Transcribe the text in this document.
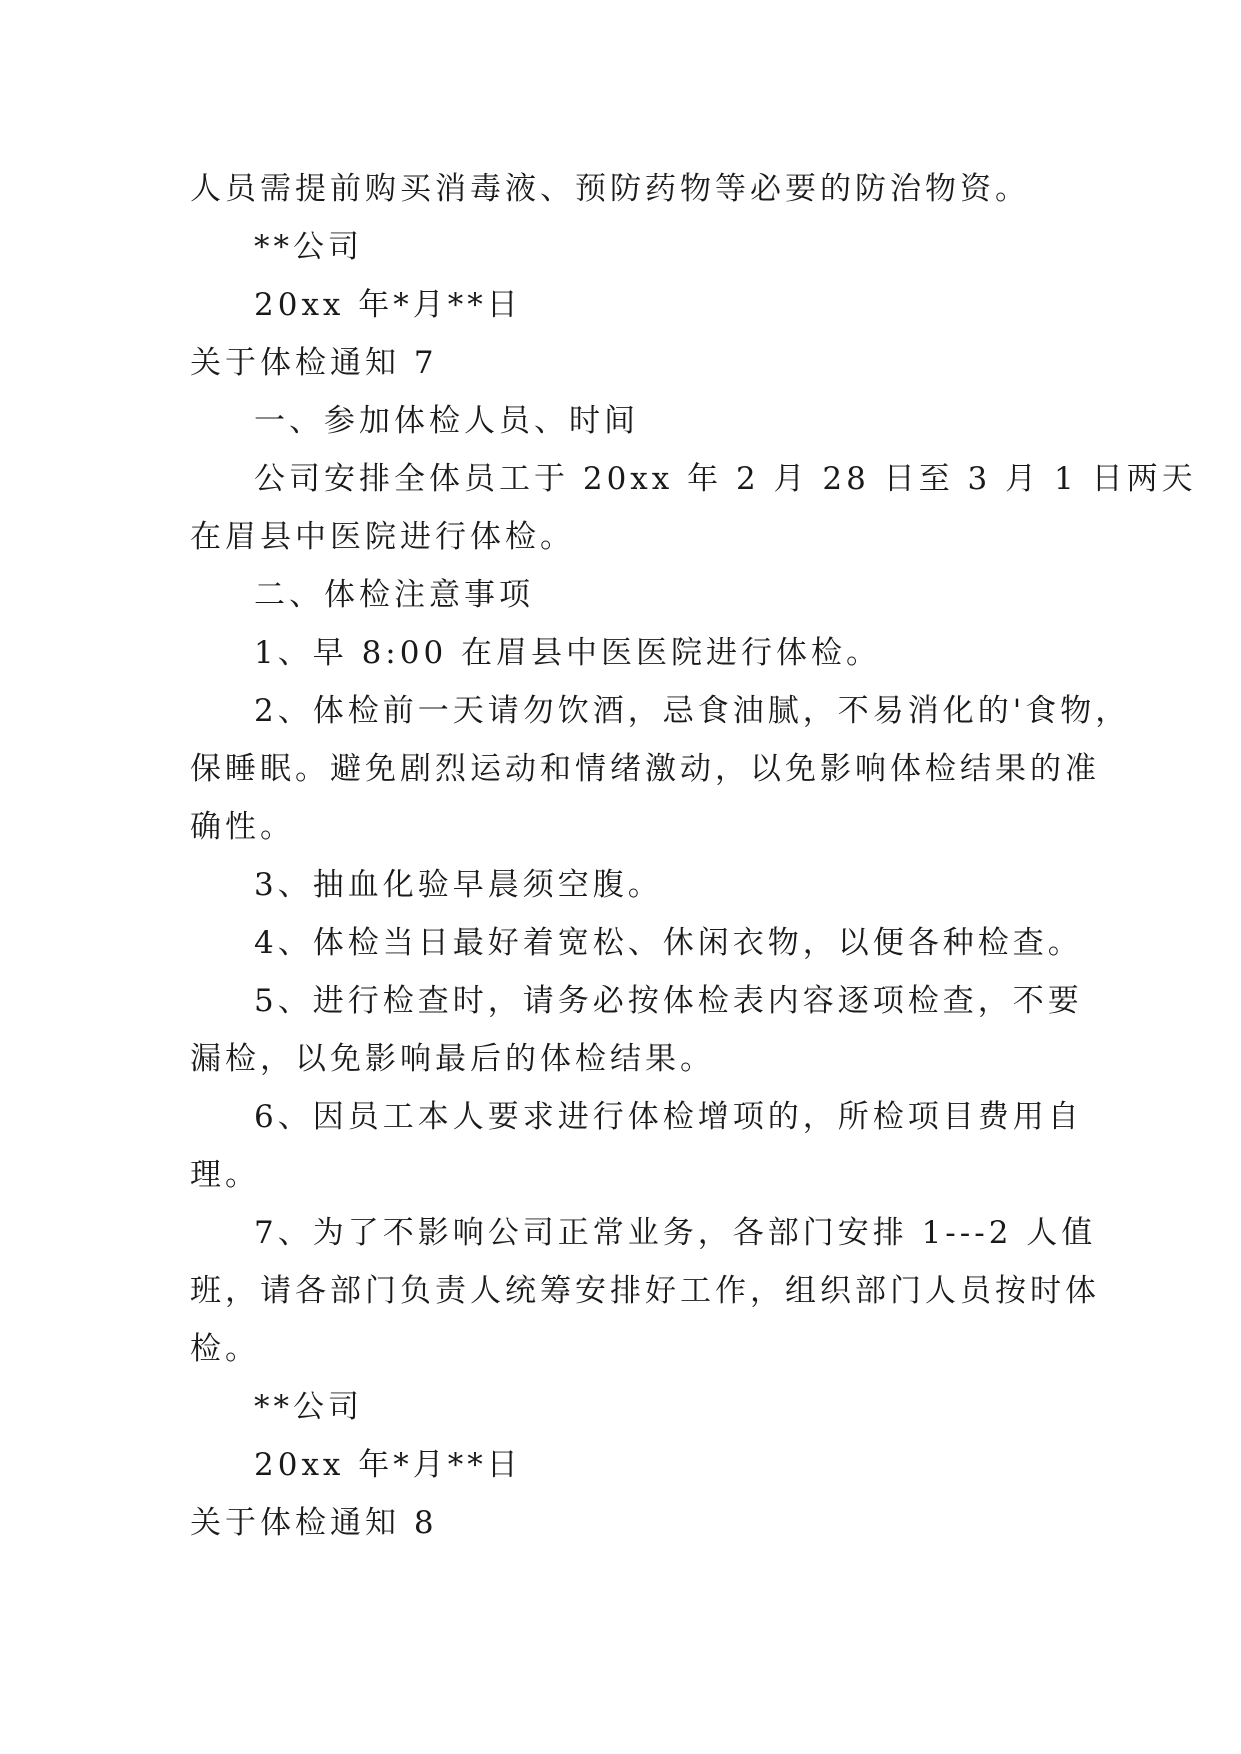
人员需提前购买消毒液、预防药物等必要的防治物资。
**公司
20xx 年*月**日
关于体检通知 7
一、参加体检人员、时间
公司安排全体员工于 20xx 年 2 月 28 日至 3 月 1 日两天
在眉县中医院进行体检。
二、体检注意事项
1、早 8:00 在眉县中医医院进行体检。
2、体检前一天请勿饮酒，忌食油腻，不易消化的'食物，
保睡眠。避免剧烈运动和情绪激动，以免影响体检结果的准
确性。
3、抽血化验早晨须空腹。
4、体检当日最好着宽松、休闲衣物，以便各种检查。
5、进行检查时，请务必按体检表内容逐项检查，不要
漏检，以免影响最后的体检结果。
6、因员工本人要求进行体检增项的，所检项目费用自
理。
7、为了不影响公司正常业务，各部门安排 1---2 人值
班，请各部门负责人统筹安排好工作，组织部门人员按时体
检。
**公司
20xx 年*月**日
关于体检通知 8
